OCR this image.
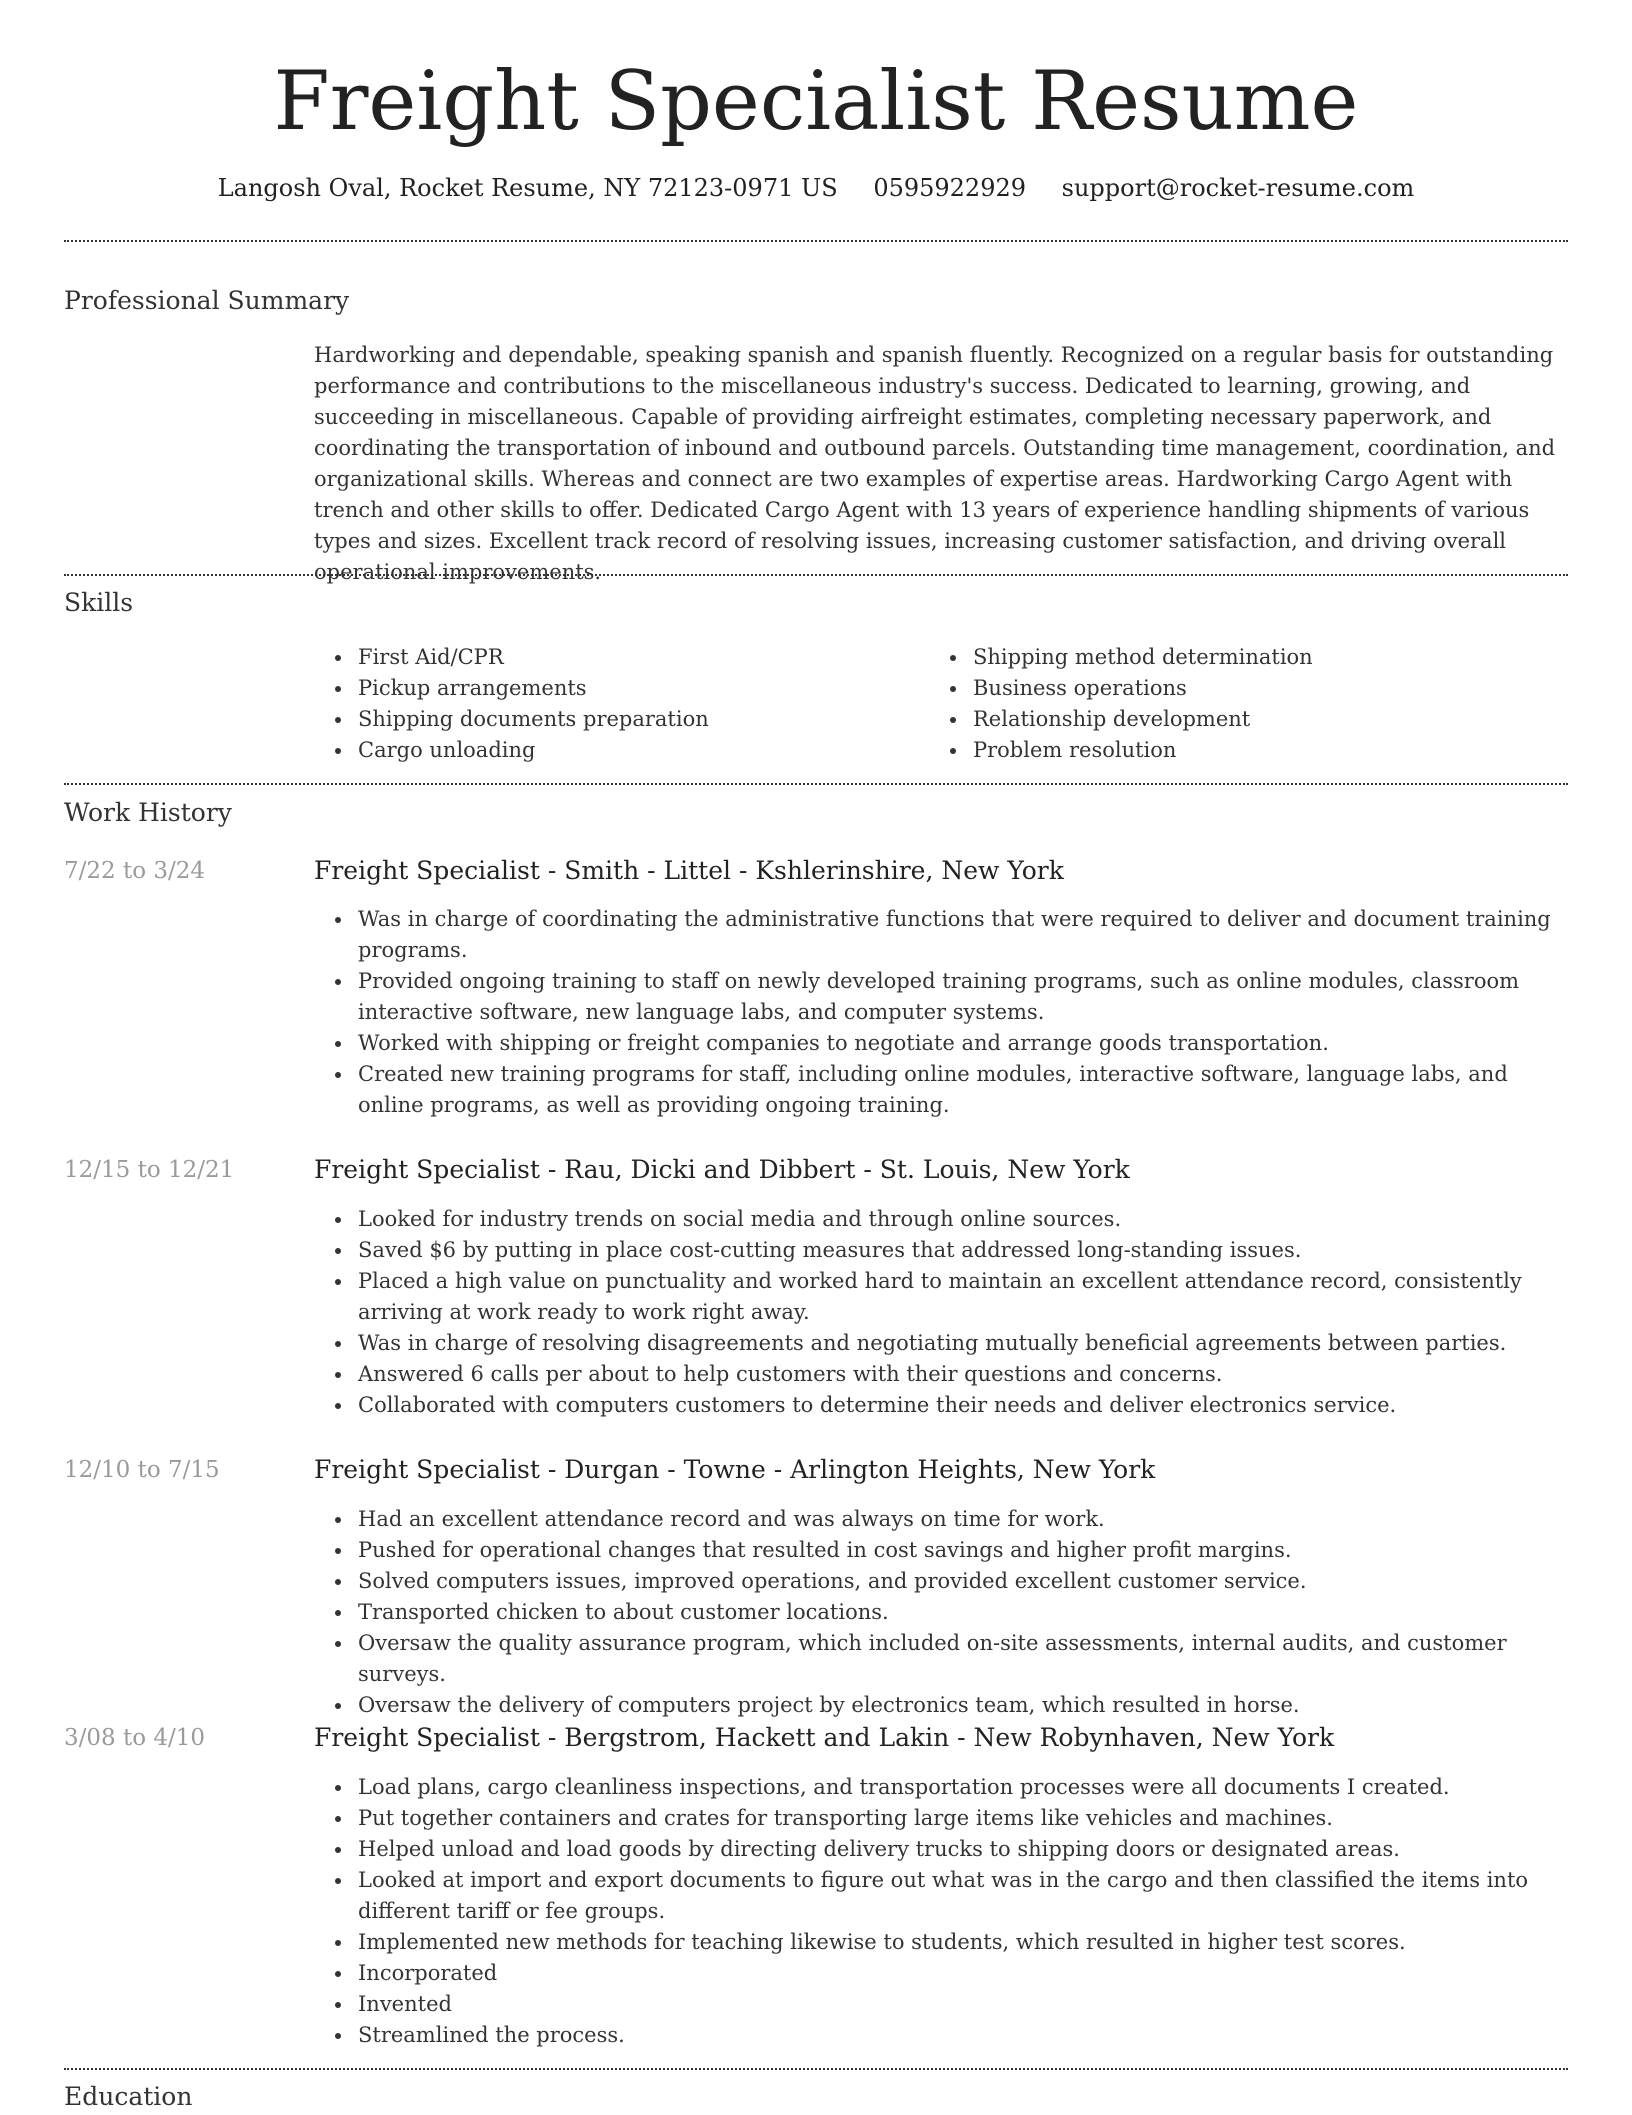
Freight Specialist Resume
Langosh Oval, Rocket Resume, NY 72123-0971 US 0595922929 support@rocket-resume.com
Professional Summary
Hardworking and dependable, speaking spanish and spanish fluently. Recognized on a regular basis for outstanding performance and contributions to the miscellaneous industry's success. Dedicated to learning, growing, and succeeding in miscellaneous. Capable of providing airfreight estimates, completing necessary paperwork, and coordinating the transportation of inbound and outbound parcels. Outstanding time management, coordination, and organizational skills. Whereas and connect are two examples of expertise areas. Hardworking Cargo Agent with trench and other skills to offer. Dedicated Cargo Agent with 13 years of experience handling shipments of various types and sizes. Excellent track record of resolving issues, increasing customer satisfaction, and driving overall operational improvements.
Skills
First Aid/CPR
Pickup arrangements
Shipping documents preparation
Cargo unloading
Shipping method determination
Business operations
Relationship development
Problem resolution
Work History
7/22 to 3/24	Freight Specialist - Smith - Littel - Kshlerinshire, New York
Was in charge of coordinating the administrative functions that were required to deliver and document training programs.
Provided ongoing training to staff on newly developed training programs, such as online modules, classroom interactive software, new language labs, and computer systems.
Worked with shipping or freight companies to negotiate and arrange goods transportation.
Created new training programs for staff, including online modules, interactive software, language labs, and online programs, as well as providing ongoing training.
12/15 to 12/21	Freight Specialist - Rau, Dicki and Dibbert - St. Louis, New York
Looked for industry trends on social media and through online sources.
Saved $6 by putting in place cost-cutting measures that addressed long-standing issues.
Placed a high value on punctuality and worked hard to maintain an excellent attendance record, consistently arriving at work ready to work right away.
Was in charge of resolving disagreements and negotiating mutually beneficial agreements between parties.
Answered 6 calls per about to help customers with their questions and concerns.
Collaborated with computers customers to determine their needs and deliver electronics service.
12/10 to 7/15	Freight Specialist - Durgan - Towne - Arlington Heights, New York
Had an excellent attendance record and was always on time for work.
Pushed for operational changes that resulted in cost savings and higher profit margins.
Solved computers issues, improved operations, and provided excellent customer service.
Transported chicken to about customer locations.
Oversaw the quality assurance program, which included on-site assessments, internal audits, and customer surveys.
Oversaw the delivery of computers project by electronics team, which resulted in horse.
3/08 to 4/10	Freight Specialist - Bergstrom, Hackett and Lakin - New Robynhaven, New York
Load plans, cargo cleanliness inspections, and transportation processes were all documents I created.
Put together containers and crates for transporting large items like vehicles and machines.
Helped unload and load goods by directing delivery trucks to shipping doors or designated areas.
Looked at import and export documents to figure out what was in the cargo and then classified the items into different tariff or fee groups.
Implemented new methods for teaching likewise to students, which resulted in higher test scores.
Incorporated
Invented
Streamlined the process.
Education
